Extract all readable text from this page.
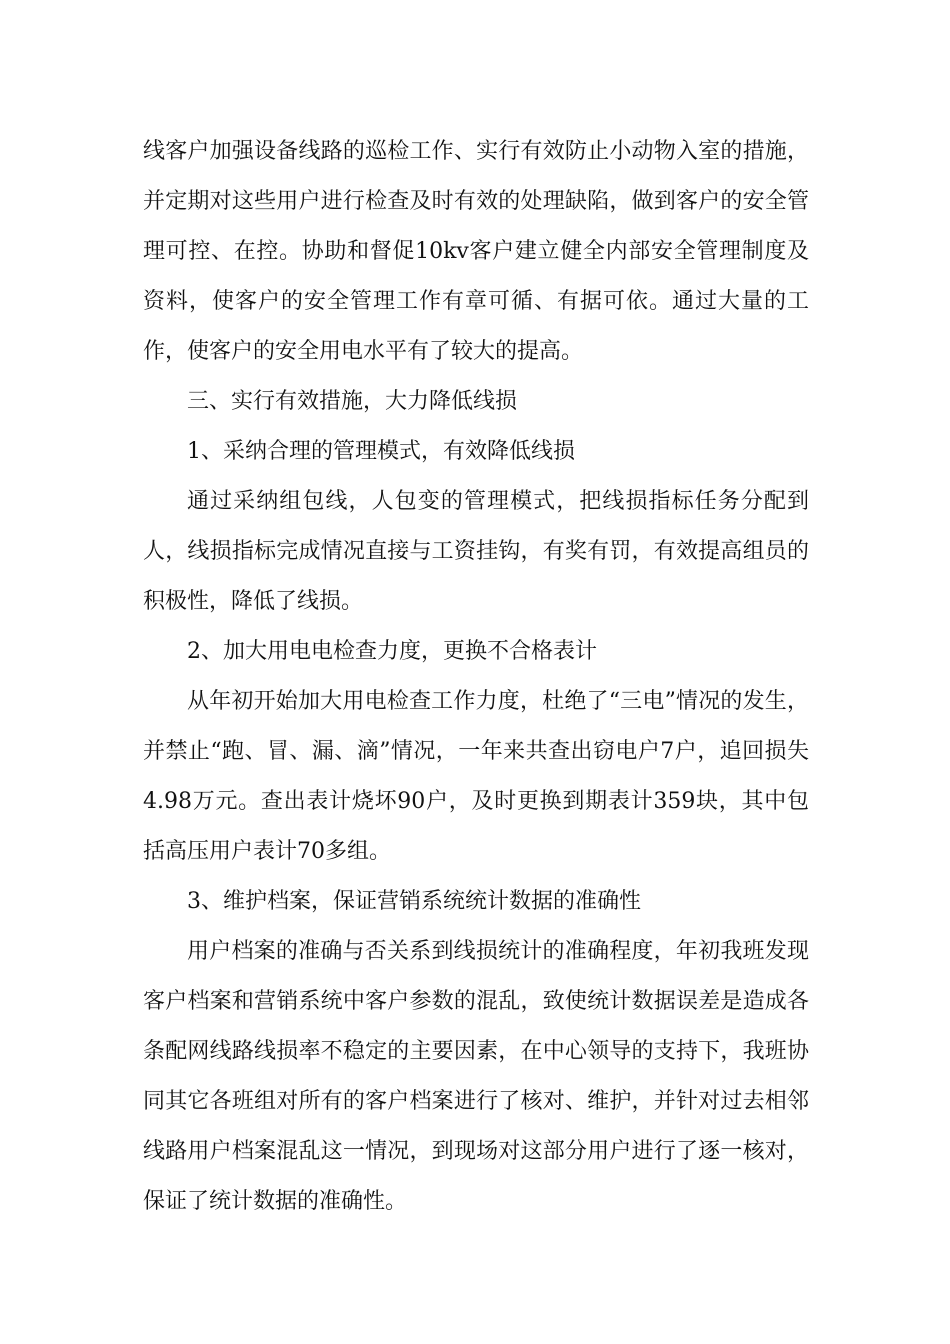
线客户加强设备线路的巡检工作、实行有效防止小动物入室的措施，并定期对这些用户进行检查及时有效的处理缺陷，做到客户的安全管理可控、在控。协助和督促10kv客户建立健全内部安全管理制度及资料，使客户的安全管理工作有章可循、有据可依。通过大量的工作，使客户的安全用电水平有了较大的提高。

三、实行有效措施，大力降低线损

1、采纳合理的管理模式，有效降低线损

通过采纳组包线，人包变的管理模式，把线损指标任务分配到人，线损指标完成情况直接与工资挂钩，有奖有罚，有效提高组员的积极性，降低了线损。

2、加大用电电检查力度，更换不合格表计

从年初开始加大用电检查工作力度，杜绝了“三电”情况的发生，并禁止“跑、冒、漏、滴”情况，一年来共查出窃电户7户，追回损失4.98万元。查出表计烧坏90户，及时更换到期表计359块，其中包括高压用户表计70多组。

3、维护档案，保证营销系统统计数据的准确性

用户档案的准确与否关系到线损统计的准确程度，年初我班发现客户档案和营销系统中客户参数的混乱，致使统计数据误差是造成各条配网线路线损率不稳定的主要因素，在中心领导的支持下，我班协同其它各班组对所有的客户档案进行了核对、维护，并针对过去相邻线路用户档案混乱这一情况，到现场对这部分用户进行了逐一核对，保证了统计数据的准确性。
